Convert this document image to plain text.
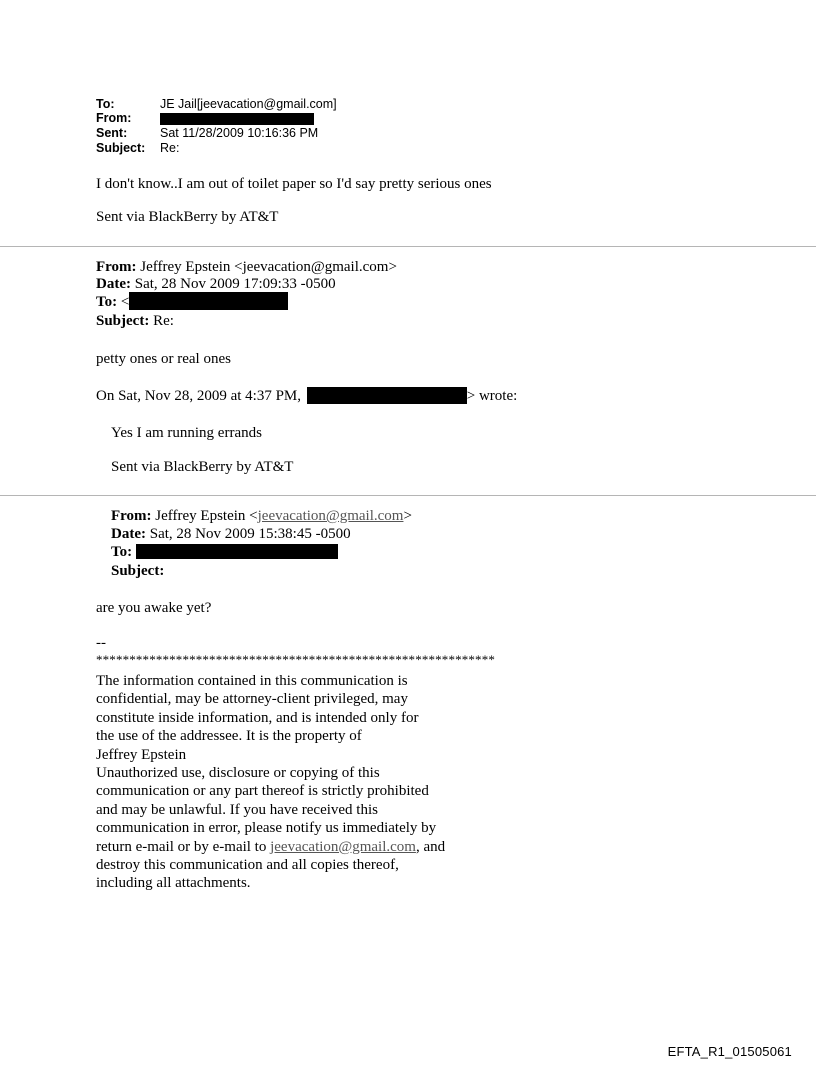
To:	JE Jail[jeevacation@gmail.com]
From:
Sent:	Sat 11/28/2009 10:16:36 PM
Subject: Re:
I don't know..I am out of toilet paper so I'd say pretty serious ones
Sent via BlackBerry by AT&T
From: Jeffrey Epstein <jeevacation@gmail.com>
Date: Sat, 28 Nov 2009 17:09:33 -0500
To: <
Subject: Re:
petty ones or real ones
On Sat, Nov 28, 2009 at 4:37 PM,	> wrote:
Yes I am running errands
Sent via BlackBerry by AT&T
From: Jeffrey Epstein <jeevacation@gmail.com>
Date: Sat, 28 Nov 2009 15:38:45 -0500
To:
Subject:
are you awake yet?
--
************************************************************
The information contained in this communication is
confidential, may be attorney-client privileged, may
constitute inside information, and is intended only for
the use of the addressee. It is the property of
Jeffrey Epstein
Unauthorized use, disclosure or copying of this
communication or any part thereof is strictly prohibited
and may be unlawful. If you have received this
communication in error, please notify us immediately by
return e-mail or by e-mail to jeevacation@gmail.com, and
destroy this communication and all copies thereof,
including all attachments.
EFTA_R1_01505061
